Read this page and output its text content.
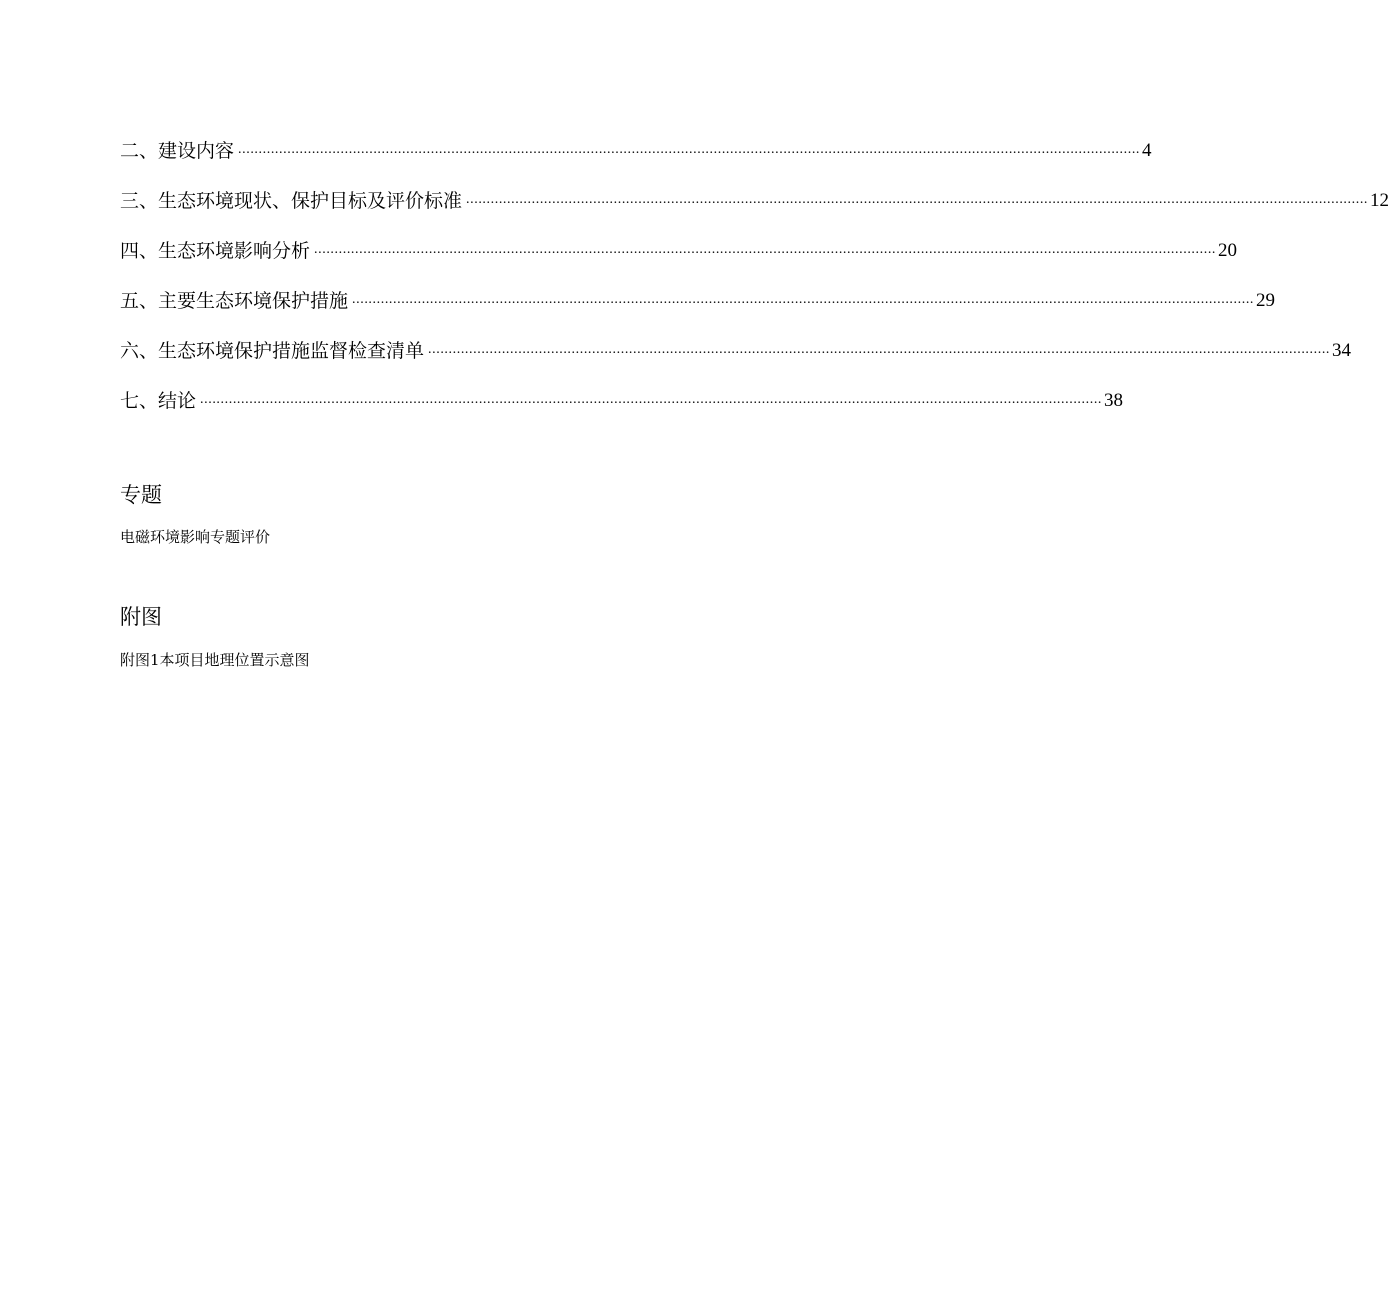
二、建设内容 ............................................................................................................................................................................................................................ 4
三、生态环境现状、保护目标及评价标准 ............................................................................................................................................................................................................................ 12
四、生态环境影响分析 ............................................................................................................................................................................................................................ 20
五、主要生态环境保护措施 ............................................................................................................................................................................................................................ 29
六、生态环境保护措施监督检查清单 ............................................................................................................................................................................................................................ 34
七、结论 ............................................................................................................................................................................................................................ 38
专题
电磁环境影响专题评价
附图
附图1本项目地理位置示意图
